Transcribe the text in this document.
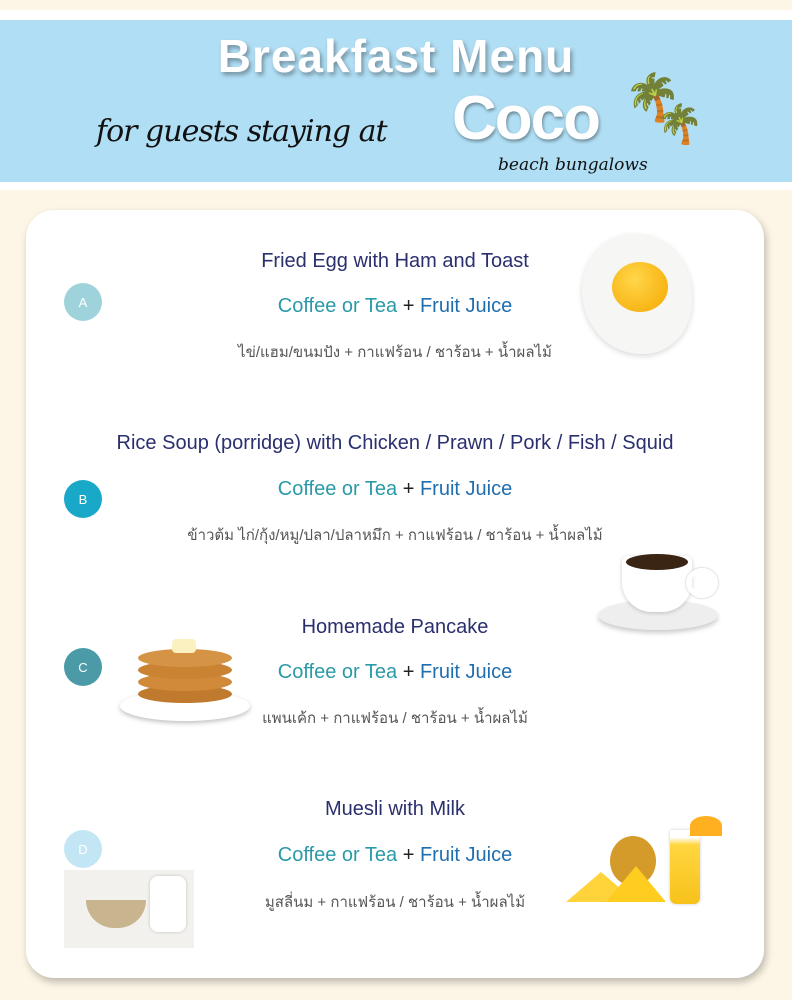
Breakfast Menu
for guests staying at Coco
beach bungalows
🌴
🌴
Fried Egg with Ham and Toast
Coffee or Tea + Fruit Juice
ไข่/แฮม/ขนมปัง + กาแฟร้อน / ชาร้อน + น้ำผลไม้
A
Rice Soup (porridge) with Chicken / Prawn / Pork / Fish / Squid
Coffee or Tea + Fruit Juice
ข้าวต้ม ไก่/กุ้ง/หมู/ปลา/ปลาหมึก + กาแฟร้อน / ชาร้อน + น้ำผลไม้
B
Homemade Pancake
Coffee or Tea + Fruit Juice
แพนเค้ก + กาแฟร้อน / ชาร้อน + น้ำผลไม้
C
Muesli with Milk
Coffee or Tea + Fruit Juice
มูสลี่นม + กาแฟร้อน / ชาร้อน + น้ำผลไม้
D
